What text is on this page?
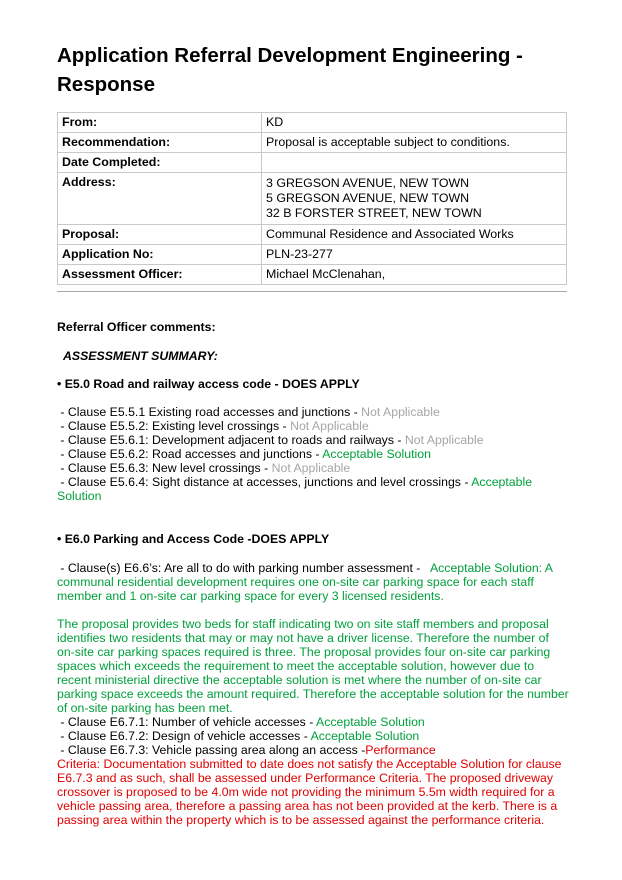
Application Referral Development Engineering - Response
From:	KD
Recommendation:	Proposal is acceptable subject to conditions.
Date Completed:	
Address:	3 GREGSON AVENUE, NEW TOWN
5 GREGSON AVENUE, NEW TOWN
32 B FORSTER STREET, NEW TOWN

Proposal:	Communal Residence and Associated Works
Application No:	PLN-23-277
Assessment Officer:	Michael McClenahan,
Referral Officer comments:
ASSESSMENT SUMMARY:
• E5.0 Road and railway access code - DOES APPLY
- Clause E5.5.1 Existing road accesses and junctions - Not Applicable
- Clause E5.5.2: Existing level crossings - Not Applicable
- Clause E5.6.1: Development adjacent to roads and railways - Not Applicable
- Clause E5.6.2: Road accesses and junctions - Acceptable Solution
- Clause E5.6.3: New level crossings - Not Applicable
- Clause E5.6.4: Sight distance at accesses, junctions and level crossings - Acceptable Solution
• E6.0 Parking and Access Code -DOES APPLY
- Clause(s) E6.6’s: Are all to do with parking number assessment -   Acceptable Solution: A communal residential development requires one on-site car parking space for each staff member and 1 on-site car parking space for every 3 licensed residents.
The proposal provides two beds for staff indicating two on site staff members and proposal identifies two residents that may or may not have a driver license. Therefore the number of on-site car parking spaces required is three. The proposal provides four on-site car parking spaces which exceeds the requirement to meet the acceptable solution, however due to recent ministerial directive the acceptable solution is met where the number of on-site car parking space exceeds the amount required. Therefore the acceptable solution for the number of on-site parking has been met.
- Clause E6.7.1: Number of vehicle accesses - Acceptable Solution
- Clause E6.7.2: Design of vehicle accesses - Acceptable Solution
- Clause E6.7.3: Vehicle passing area along an access -Performance
Criteria: Documentation submitted to date does not satisfy the Acceptable Solution for clause E6.7.3 and as such, shall be assessed under Performance Criteria. The proposed driveway crossover is proposed to be 4.0m wide not providing the minimum 5.5m width required for a vehicle passing area, therefore a passing area has not been provided at the kerb. There is a passing area within the property which is to be assessed against the performance criteria.
